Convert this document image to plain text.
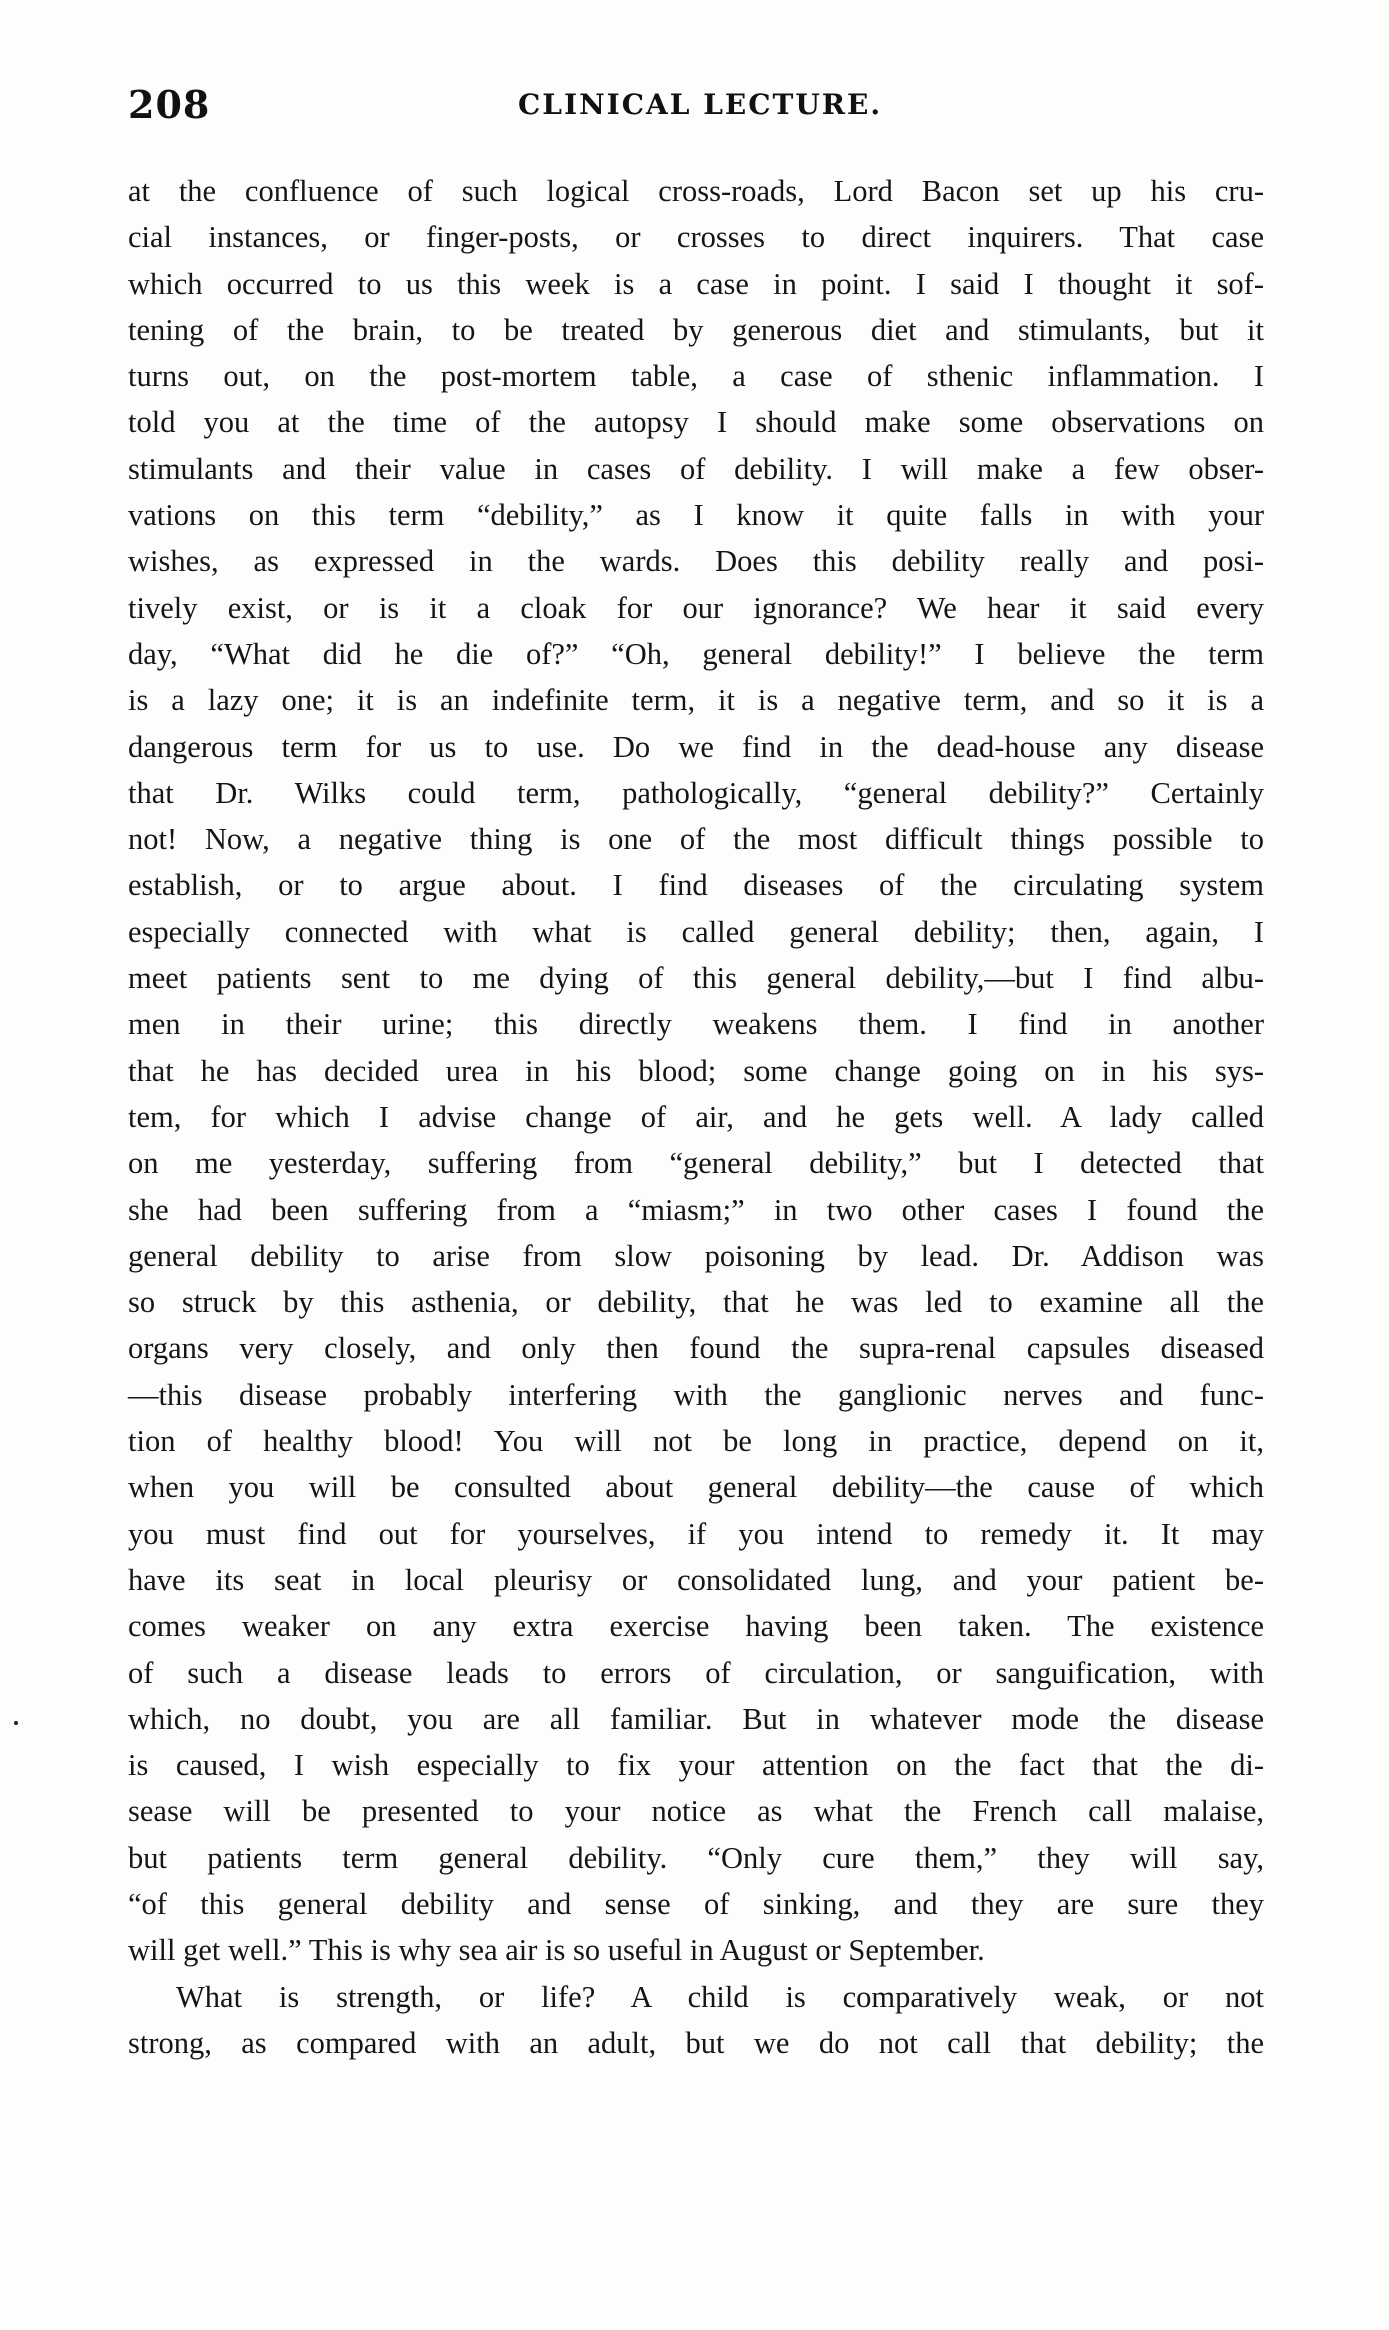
208	CLINICAL LECTURE.

at the confluence of such logical cross-roads, Lord Bacon set up his cru-
cial instances, or finger-posts, or crosses to direct inquirers. That case
which occurred to us this week is a case in point. I said I thought it sof-
tening of the brain, to be treated by generous diet and stimulants, but it
turns out, on the post-mortem table, a case of sthenic inflammation. I
told you at the time of the autopsy I should make some observations on
stimulants and their value in cases of debility. I will make a few obser-
vations on this term “debility,” as I know it quite falls in with your
wishes, as expressed in the wards. Does this debility really and posi-
tively exist, or is it a cloak for our ignorance? We hear it said every
day, “What did he die of?” “Oh, general debility!” I believe the term
is a lazy one; it is an indefinite term, it is a negative term, and so it is a
dangerous term for us to use. Do we find in the dead-house any disease
that Dr. Wilks could term, pathologically, “general debility?” Certainly
not! Now, a negative thing is one of the most difficult things possible to
establish, or to argue about. I find diseases of the circulating system
especially connected with what is called general debility; then, again, I
meet patients sent to me dying of this general debility,—but I find albu-
men in their urine; this directly weakens them. I find in another
that he has decided urea in his blood; some change going on in his sys-
tem, for which I advise change of air, and he gets well. A lady called
on me yesterday, suffering from “general debility,” but I detected that
she had been suffering from a “miasm;” in two other cases I found the
general debility to arise from slow poisoning by lead. Dr. Addison was
so struck by this asthenia, or debility, that he was led to examine all the
organs very closely, and only then found the supra-renal capsules diseased
—this disease probably interfering with the ganglionic nerves and func-
tion of healthy blood! You will not be long in practice, depend on it,
when you will be consulted about general debility—the cause of which
you must find out for yourselves, if you intend to remedy it. It may
have its seat in local pleurisy or consolidated lung, and your patient be-
comes weaker on any extra exercise having been taken. The existence
of such a disease leads to errors of circulation, or sanguification, with
which, no doubt, you are all familiar. But in whatever mode the disease
is caused, I wish especially to fix your attention on the fact that the di-
sease will be presented to your notice as what the French call malaise,
but patients term general debility. “Only cure them,” they will say,
“of this general debility and sense of sinking, and they are sure they
will get well.” This is why sea air is so useful in August or September.

What is strength, or life? A child is comparatively weak, or not
strong, as compared with an adult, but we do not call that debility; the
